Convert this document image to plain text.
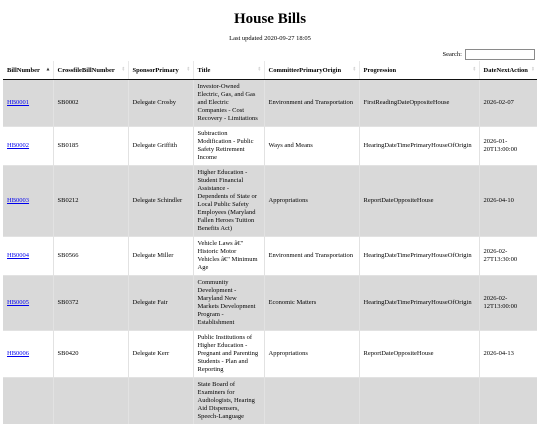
House Bills
Last updated 2020-09-27 18:05
Search:
BillNumber ▲	CrossfileBillNumber ⇕	SponsorPrimary ⇕	Title ⇕	CommitteePrimaryOrigin ⇕	Progression ⇕	DateNextAction ⇕

HB0001	SB0002	Delegate Crosby	Investor-Owned Electric, Gas, and Gas and Electric Companies - Cost Recovery - Limitations	Environment and Transportation	FirstReadingDateOppositeHouse	2026-02-07
HB0002	SB0185	Delegate Griffith	Subtraction Modification - Public Safety Retirement Income	Ways and Means	HearingDateTimePrimaryHouseOfOrigin	2026-01-20T13:00:00
HB0003	SB0212	Delegate Schindler	Higher Education - Student Financial Assistance - Dependents of State or Local Public Safety Employees (Maryland Fallen Heroes Tuition Benefits Act)	Appropriations	ReportDateOppositeHouse	2026-04-10
HB0004	SB0566	Delegate Miller	Vehicle Laws â€" Historic Motor Vehicles â€" Minimum Age	Environment and Transportation	HearingDateTimePrimaryHouseOfOrigin	2026-02-27T13:30:00
HB0005	SB0372	Delegate Fair	Community Development - Maryland New Markets Development Program - Establishment	Economic Matters	HearingDateTimePrimaryHouseOfOrigin	2026-02-12T13:00:00
HB0006	SB0420	Delegate Kerr	Public Institutions of Higher Education - Pregnant and Parenting Students - Plan and Reporting	Appropriations	ReportDateOppositeHouse	2026-04-13
			State Board of Examiners for Audiologists, Hearing Aid Dispensers, Speech-Language			
